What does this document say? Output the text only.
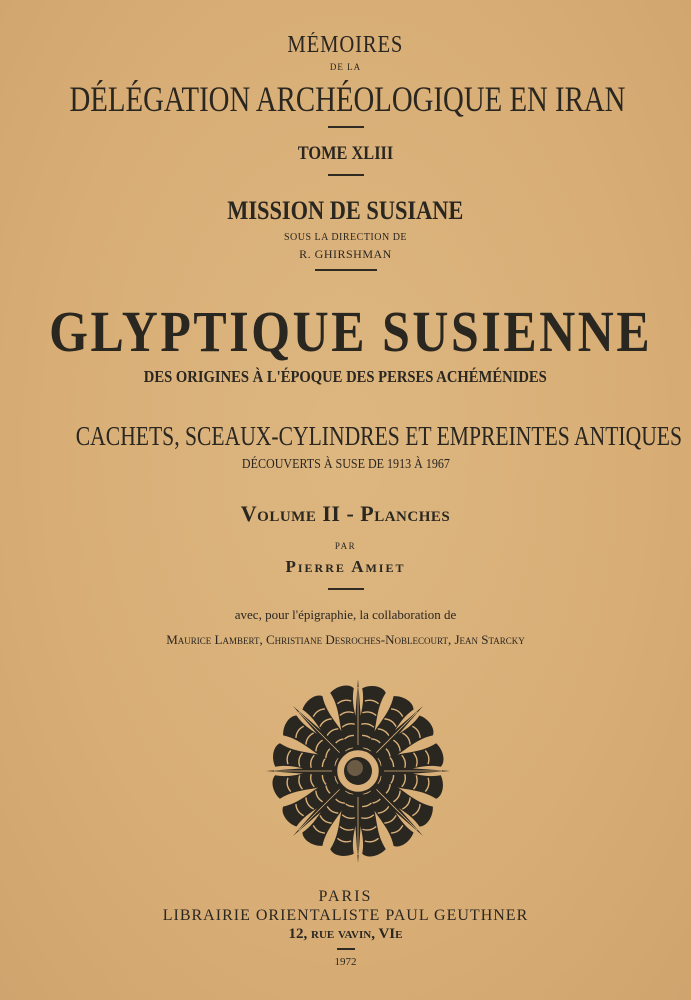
MÉMOIRES
DE LA
DÉLÉGATION ARCHÉOLOGIQUE EN IRAN
TOME XLIII
MISSION DE SUSIANE
SOUS LA DIRECTION DE
R. GHIRSHMAN
GLYPTIQUE SUSIENNE
DES ORIGINES À L'ÉPOQUE DES PERSES ACHÉMÉNIDES
CACHETS, SCEAUX-CYLINDRES ET EMPREINTES ANTIQUES
DÉCOUVERTS À SUSE DE 1913 À 1967
Volume II - Planches
PAR
Pierre Amiet
avec, pour l'épigraphie, la collaboration de
Maurice Lambert, Christiane Desroches-Noblecourt, Jean Starcky
PARIS
LIBRAIRIE ORIENTALISTE PAUL GEUTHNER
12, rue vavin, VIe
1972
